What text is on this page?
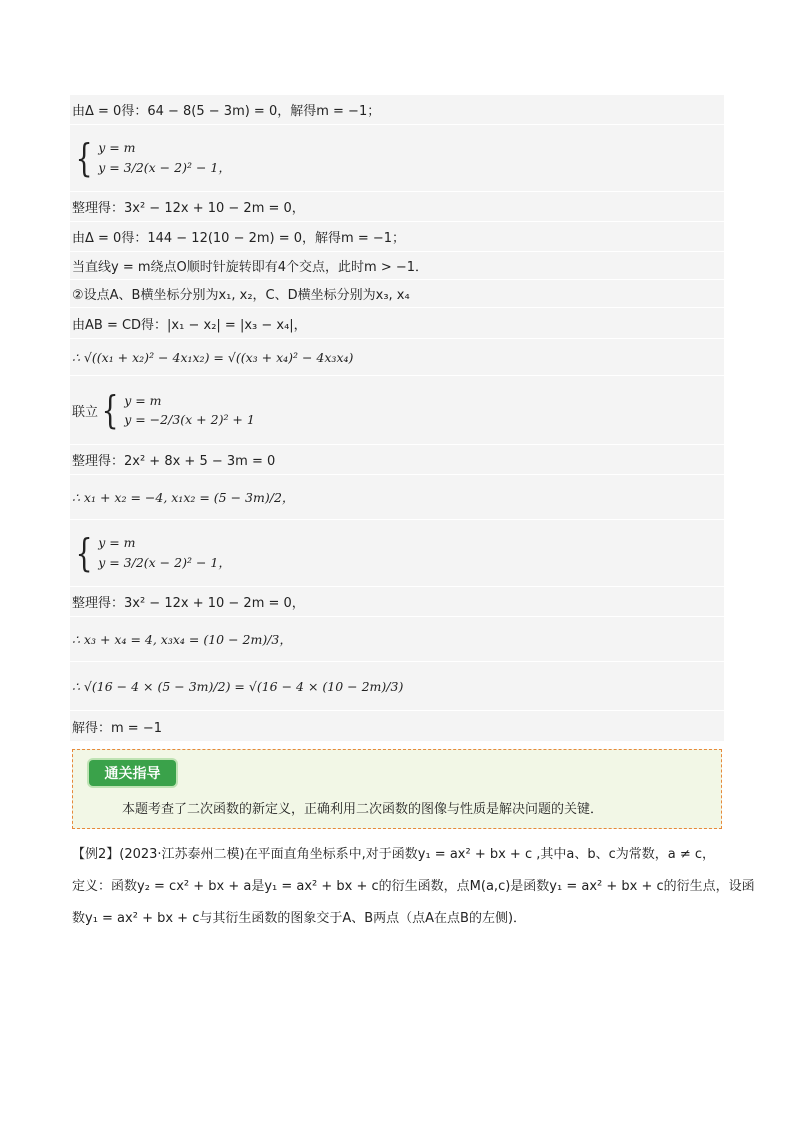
由Δ = 0得：64 − 8(5 − 3m) = 0，解得m = −1；
{ y = m
y = 3/2(x − 2)² − 1，
整理得：3x² − 12x + 10 − 2m = 0，
由Δ = 0得：144 − 12(10 − 2m) = 0，解得m = −1；
当直线y = m绕点O顺时针旋转即有4个交点，此时m > −1．
②设点A、B横坐标分别为x₁, x₂，C、D横坐标分别为x₃, x₄
由AB = CD得：|x₁ − x₂| = |x₃ − x₄|，
∴ √((x₁ + x₂)² − 4x₁x₂) = √((x₃ + x₄)² − 4x₃x₄)
联立 { y = m
y = −2/3(x + 2)² + 1
整理得：2x² + 8x + 5 − 3m = 0
∴ x₁ + x₂ = −4, x₁x₂ = (5 − 3m)/2，
{ y = m
y = 3/2(x − 2)² − 1，
整理得：3x² − 12x + 10 − 2m = 0，
∴ x₃ + x₄ = 4, x₃x₄ = (10 − 2m)/3，
∴ √(16 − 4 × (5 − 3m)/2) = √(16 − 4 × (10 − 2m)/3)
解得：m = −1
通关指导
本题考查了二次函数的新定义，正确利用二次函数的图像与性质是解决问题的关键．
【例2】(2023·江苏泰州二模)在平面直角坐标系中,对于函数y₁ = ax² + bx + c ,其中a、b、c为常数，a ≠ c，
定义：函数y₂ = cx² + bx + a是y₁ = ax² + bx + c的衍生函数，点M(a,c)是函数y₁ = ax² + bx + c的衍生点，设函
数y₁ = ax² + bx + c与其衍生函数的图象交于A、B两点（点A在点B的左侧)．
